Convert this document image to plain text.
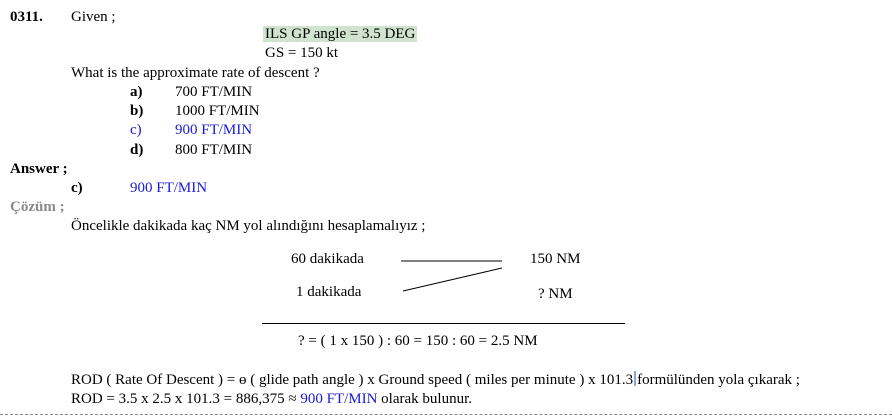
0311. Given ;
ILS GP angle = 3.5 DEG
GS = 150 kt
What is the approximate rate of descent ?
a) 700 FT/MIN
b) 1000 FT/MIN
c) 900 FT/MIN
d) 800 FT/MIN
Answer ;
c)	900 FT/MIN
Çözüm ;
Öncelikle dakikada kaç NM yol alındığını hesaplamalıyız ;
60 dakikada	150 NM
1 dakikada	? NM
? = ( 1 x 150 ) : 60 = 150 : 60 = 2.5 NM
ROD ( Rate Of Descent ) = ɵ ( glide path angle ) x Ground speed ( miles per minute ) x 101.3 formülünden yola çıkarak ;
ROD = 3.5 x 2.5 x 101.3 = 886,375 ≈ 900 FT/MIN olarak bulunur.
